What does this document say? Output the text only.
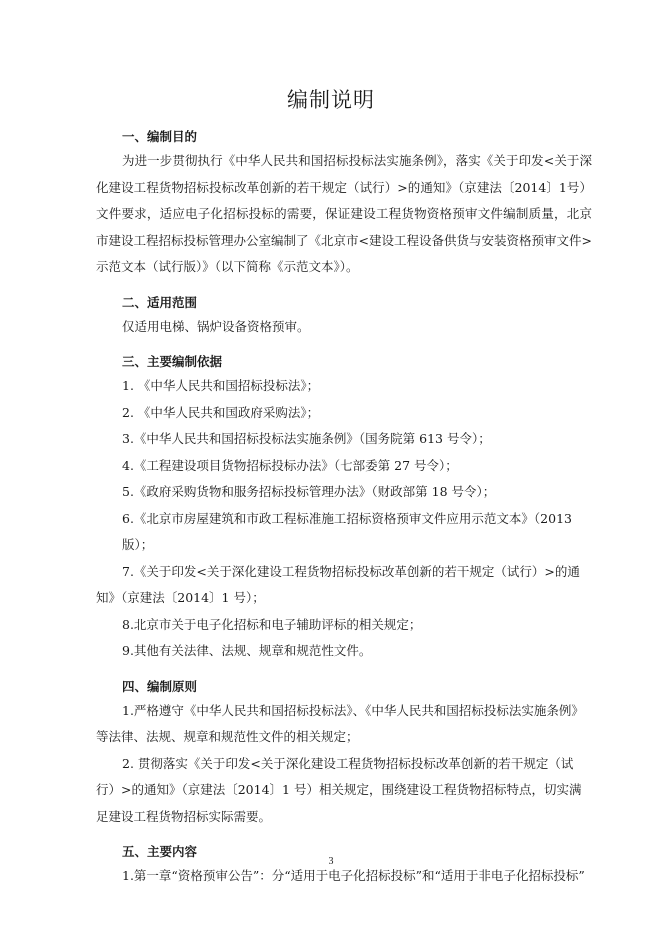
编制说明
一、编制目的

为进一步贯彻执行《中华人民共和国招标投标法实施条例》，落实《关于印发<关于深化建设工程货物招标投标改革创新的若干规定（试行）>的通知》（京建法〔2014〕1号）文件要求，适应电子化招标投标的需要，保证建设工程货物资格预审文件编制质量，北京市建设工程招标投标管理办公室编制了《北京市<建设工程设备供货与安装资格预审文件>示范文本（试行版）》（以下简称《示范文本》）。

二、适用范围

仅适用电梯、锅炉设备资格预审。

三、主要编制依据
1. 《中华人民共和国招标投标法》；
2. 《中华人民共和国政府采购法》；
3.《中华人民共和国招标投标法实施条例》（国务院第 613 号令）；
4.《工程建设项目货物招标投标办法》（七部委第 27 号令）；
5.《政府采购货物和服务招标投标管理办法》（财政部第 18 号令）；
6.《北京市房屋建筑和市政工程标准施工招标资格预审文件应用示范文本》（2013 版）；
7.《关于印发<关于深化建设工程货物招标投标改革创新的若干规定（试行）>的通知》（京建法〔2014〕1 号）；
8.北京市关于电子化招标和电子辅助评标的相关规定；
9.其他有关法律、法规、规章和规范性文件。
四、编制原则
1.严格遵守《中华人民共和国招标投标法》、《中华人民共和国招标投标法实施条例》等法律、法规、规章和规范性文件的相关规定；
2. 贯彻落实《关于印发<关于深化建设工程货物招标投标改革创新的若干规定（试行）>的通知》（京建法〔2014〕1 号）相关规定，围绕建设工程货物招标特点，切实满足建设工程货物招标实际需要。
五、主要内容
1.第一章“资格预审公告”：分“适用于电子化招标投标”和“适用于非电子化招标投标”
3
